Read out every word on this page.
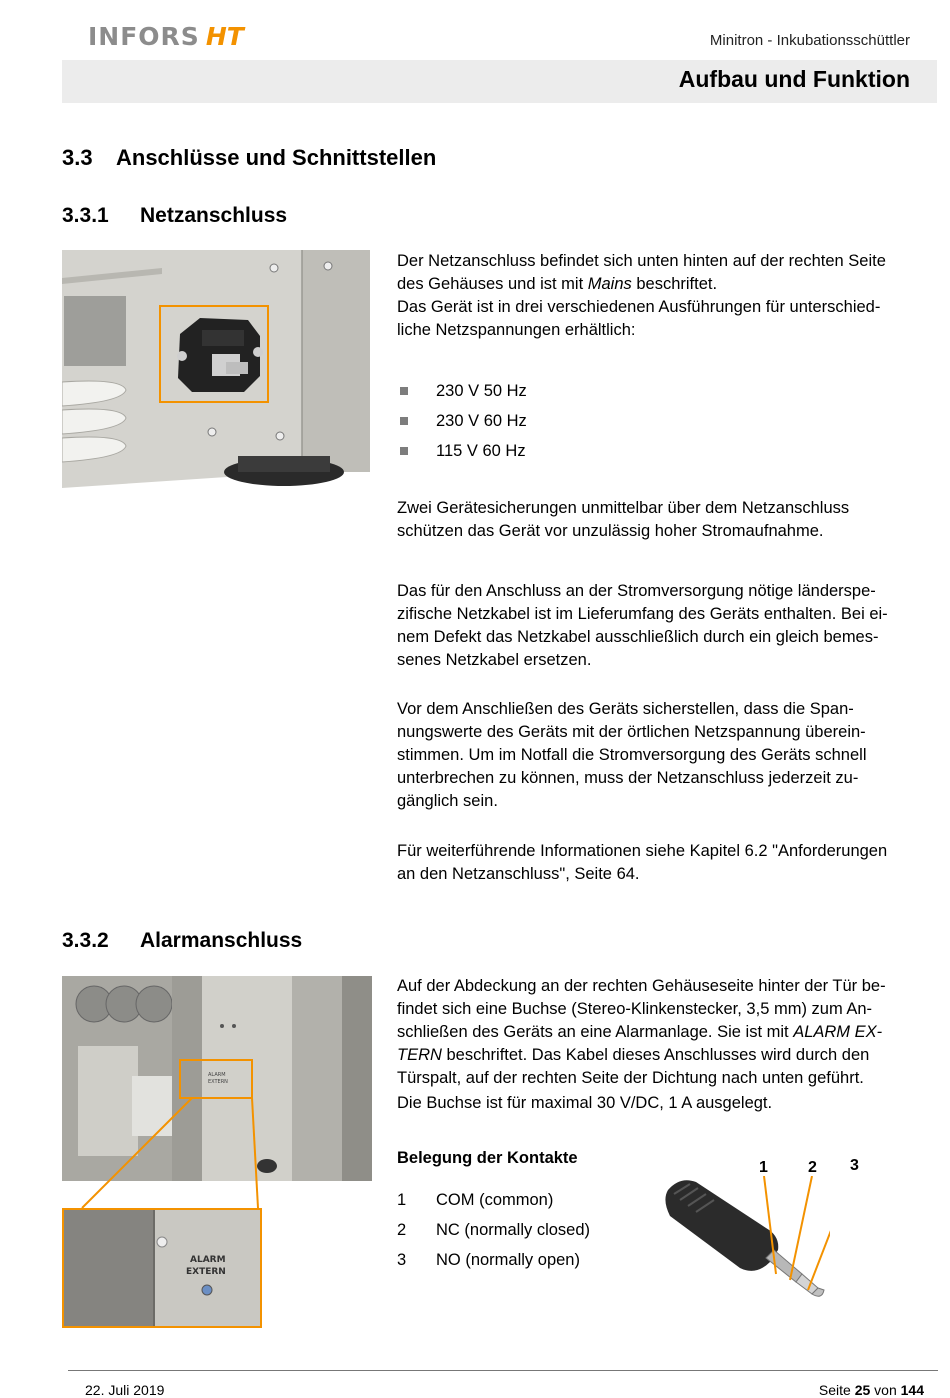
INFORS HT	Minitron - Inkubationsschüttler
Aufbau und Funktion
3.3 Anschlüsse und Schnittstellen
3.3.1 Netzanschluss

Der Netzanschluss befindet sich unten hinten auf der rechten Seite

des Gehäuses und ist mit Mains beschriftet.

Das Gerät ist in drei verschiedenen Ausführungen für unterschied-

liche Netzspannungen erhältlich:

230 V 50 Hz
230 V 60 Hz
115 V 60 Hz

Zwei Gerätesicherungen unmittelbar über dem Netzanschluss

schützen das Gerät vor unzulässig hoher Stromaufnahme.

Das für den Anschluss an der Stromversorgung nötige länderspe-

zifische Netzkabel ist im Lieferumfang des Geräts enthalten. Bei ei-

nem Defekt das Netzkabel ausschließlich durch ein gleich bemes-

senes Netzkabel ersetzen.

Vor dem Anschließen des Geräts sicherstellen, dass die Span-

nungswerte des Geräts mit der örtlichen Netzspannung überein-

stimmen. Um im Notfall die Stromversorgung des Geräts schnell

unterbrechen zu können, muss der Netzanschluss jederzeit zu-

gänglich sein.

Für weiterführende Informationen siehe Kapitel 6.2 "Anforderungen

an den Netzanschluss", Seite 64.

3.3.2 Alarmanschluss
ALARM
EXTERN
ALARM
EXTERN

Auf der Abdeckung an der rechten Gehäuseseite hinter der Tür be-

findet sich eine Buchse (Stereo-Klinkenstecker, 3,5 mm) zum An-

schließen des Geräts an eine Alarmanlage. Sie ist mit ALARM EX-

TERN beschriftet. Das Kabel dieses Anschlusses wird durch den

Türspalt, auf der rechten Seite der Dichtung nach unten geführt.

Die Buchse ist für maximal 30 V/DC, 1 A ausgelegt.

Belegung der Kontakte
1	COM (common)
2	NC (normally closed)
3	NO (normally open)
1	2 3
22. Juli 2019	Seite 25 von 144
